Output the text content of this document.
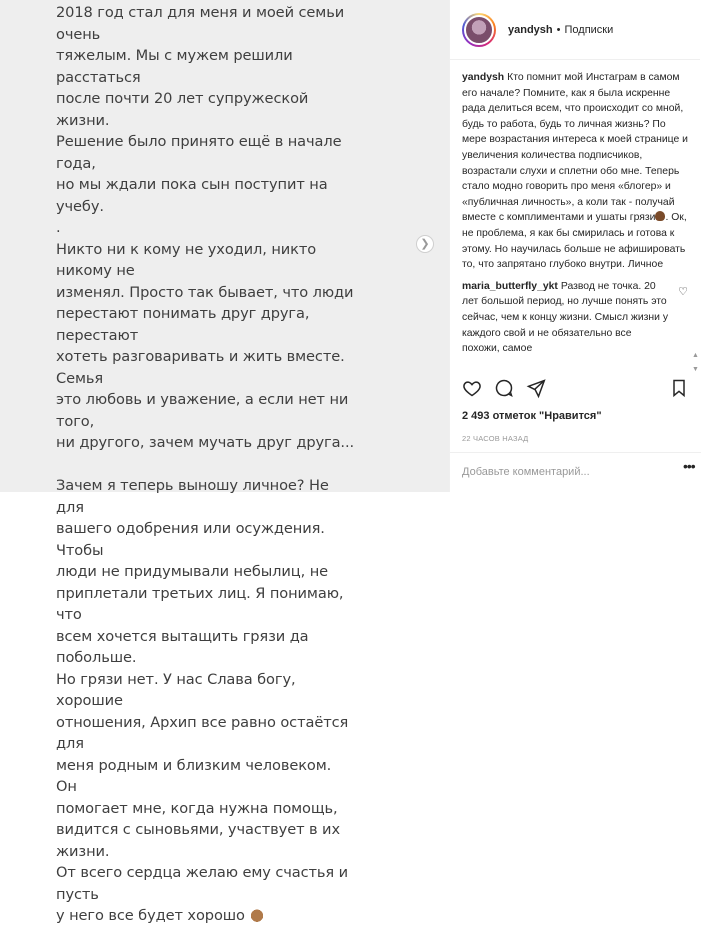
2018 год стал для меня и моей семьи очень
тяжелым. Мы с мужем решили расстаться
после почти 20 лет супружеской жизни.
Решение было принято ещё в начале года,
но мы ждали пока сын поступит на учебу.
.

Никто ни к кому не уходил, никто никому не
изменял. Просто так бывает, что люди
перестают понимать друг друга, перестают
хотеть разговаривать и жить вместе. Семья
это любовь и уважение, а если нет ни того,
ни другого, зачем мучать друг друга...

Зачем я теперь выношу личное? Не для
вашего одобрения или осуждения. Чтобы
люди не придумывали небылиц, не
приплетали третьих лиц. Я понимаю, что
всем хочется вытащить грязи да побольше.
Но грязи нет. У нас Слава богу, хорошие
отношения, Архип все равно остаётся для
меня родным и близким человеком. Он
помогает мне, когда нужна помощь,
видится с сыновьями, участвует в их жизни.
От всего сердца желаю ему счастья и пусть
у него все будет хорошо

❯
yandysh • Подписки
yandysh Кто помнит мой Инстаграм в самом его начале? Помните, как я была искренне рада делиться всем, что происходит со мной, будь то работа, будь то личная жизнь? По мере возрастания интереса к моей странице и увеличения количества подписчиков, возрастали слухи и сплетни обо мне. Теперь стало модно говорить про меня «блогер» и «публичная личность», а коли так - получай вместе с комплиментами и ушаты грязи . Ок, не проблема, я как бы смирилась и готова к этому. Но научилась больше не афишировать то, что запрятано глубоко внутри. Личное
maria_butterfly_ykt Развод не точка. 20 лет большой период, но лучше понять это сейчас, чем к концу жизни. Смысл жизни у каждого свой и не обязательно все похожи, самое
♡
▲
▼
2 493 отметок "Нравится"
22 ЧАСОВ НАЗАД
Добавьте комментарий...
•••
